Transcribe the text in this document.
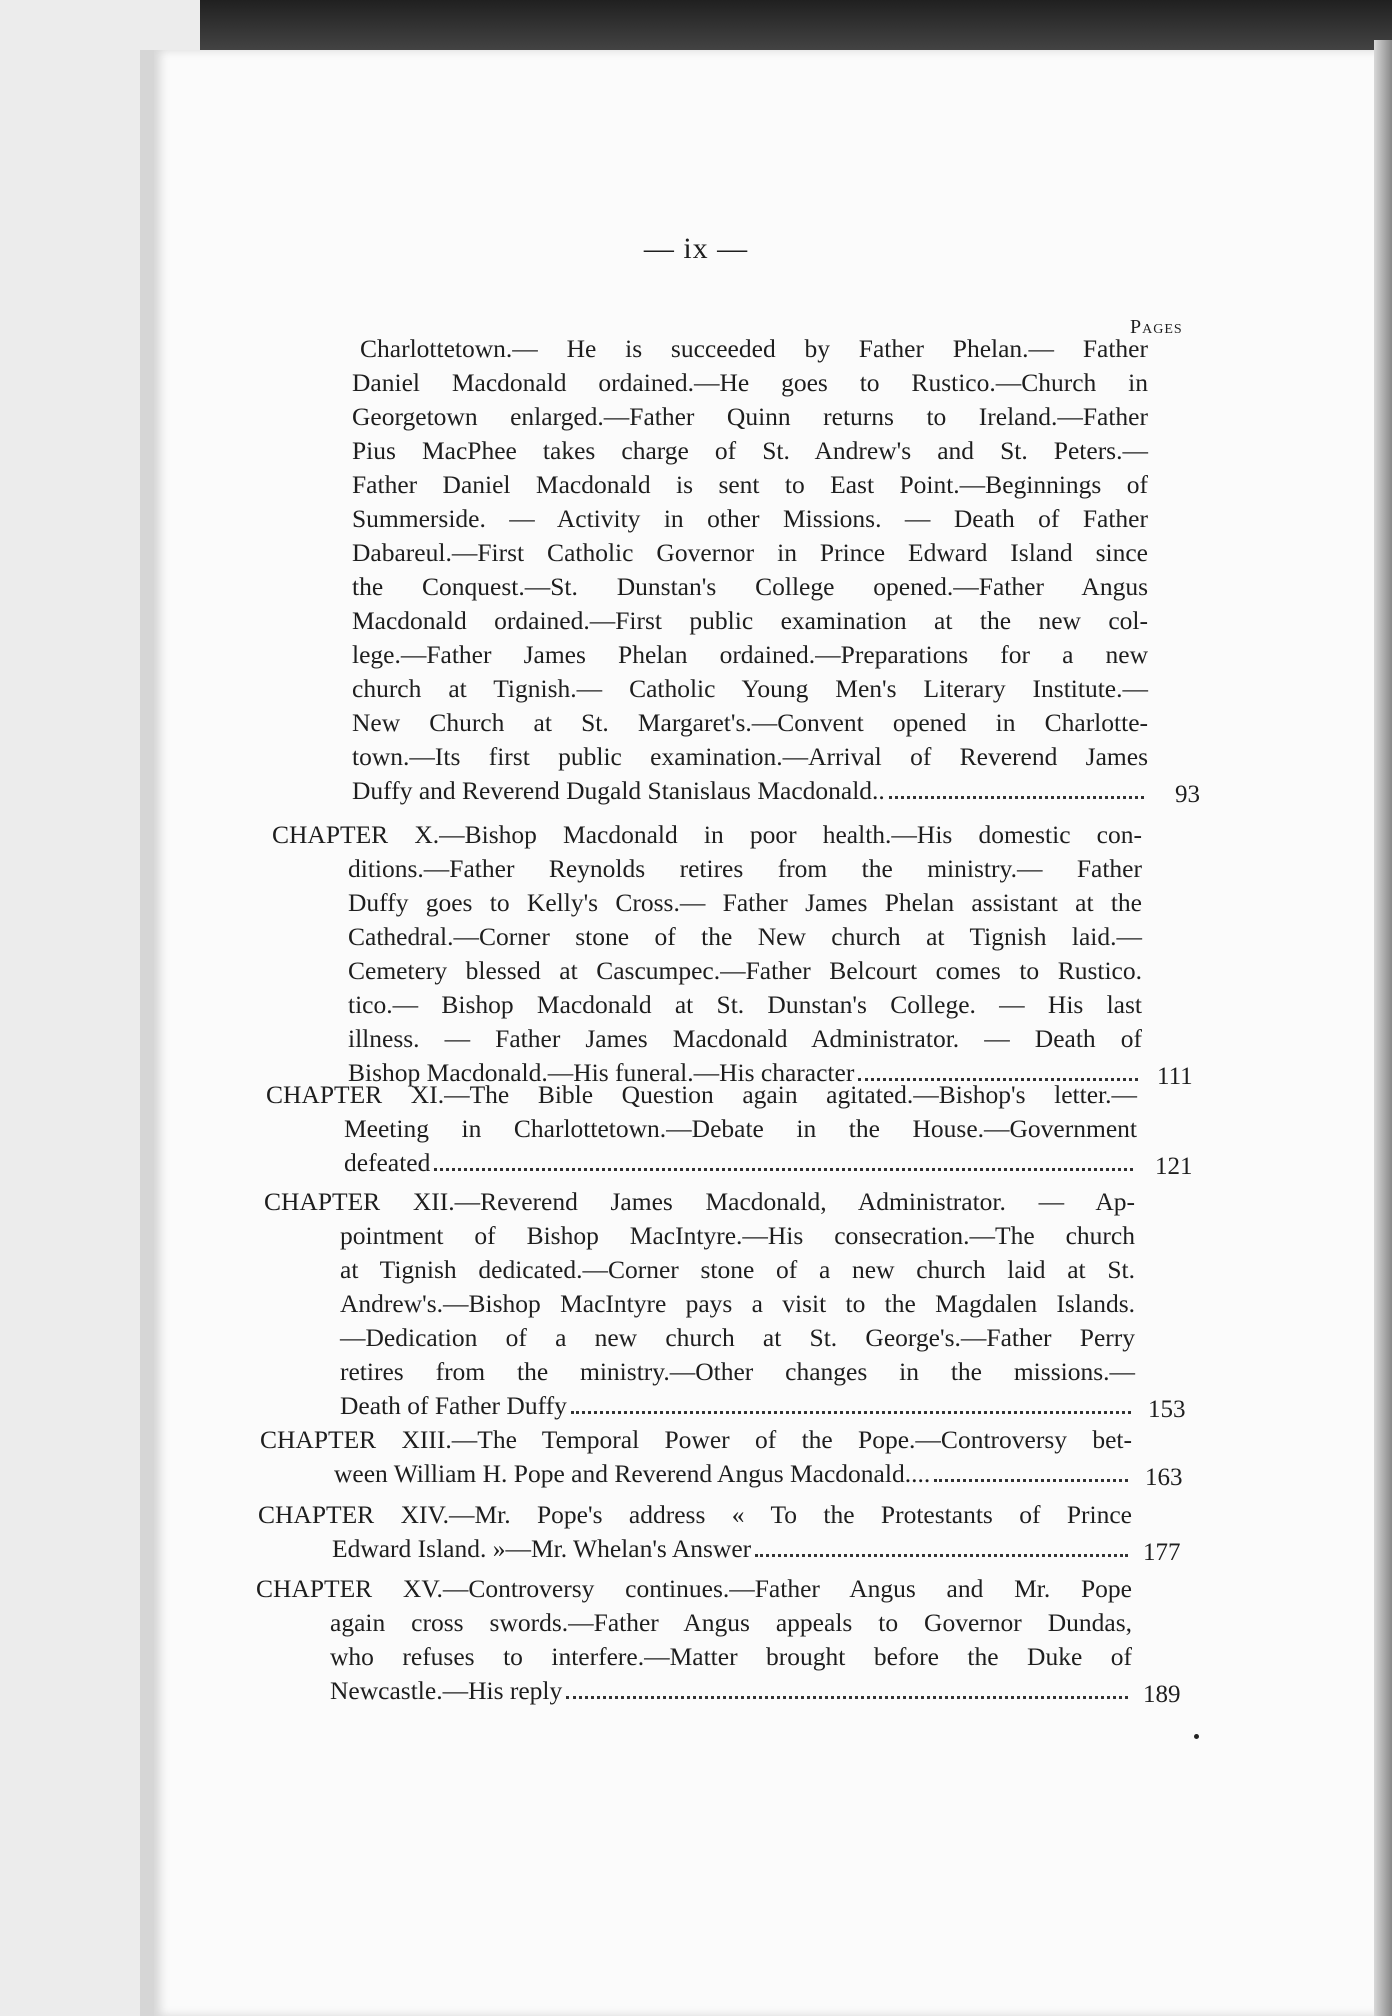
— ix —
Pages
Charlottetown.— He is succeeded by Father Phelan.— Father
Daniel Macdonald ordained.—He goes to Rustico.—Church in
Georgetown enlarged.—Father Quinn returns to Ireland.—Father
Pius MacPhee takes charge of St. Andrew's and St. Peters.—
Father Daniel Macdonald is sent to East Point.—Beginnings of
Summerside. — Activity in other Missions. — Death of Father
Dabareul.—First Catholic Governor in Prince Edward Island since
the Conquest.—St. Dunstan's College opened.—Father Angus
Macdonald ordained.—First public examination at the new col-
lege.—Father James Phelan ordained.—Preparations for a new
church at Tignish.— Catholic Young Men's Literary Institute.—
New Church at St. Margaret's.—Convent opened in Charlotte-
town.—Its first public examination.—Arrival of Reverend James
Duffy and Reverend Dugald Stanislaus Macdonald..	93
CHAPTER X.—Bishop Macdonald in poor health.—His domestic con-
ditions.—Father Reynolds retires from the ministry.— Father
Duffy goes to Kelly's Cross.— Father James Phelan assistant at the
Cathedral.—Corner stone of the New church at Tignish laid.—
Cemetery blessed at Cascumpec.—Father Belcourt comes to Rustico.
tico.— Bishop Macdonald at St. Dunstan's College. — His last
illness. — Father James Macdonald Administrator. — Death of
Bishop Macdonald.—His funeral.—His character	111
CHAPTER XI.—The Bible Question again agitated.—Bishop's letter.—
Meeting in Charlottetown.—Debate in the House.—Government
defeated	121
CHAPTER XII.—Reverend James Macdonald, Administrator. — Ap-
pointment of Bishop MacIntyre.—His consecration.—The church
at Tignish dedicated.—Corner stone of a new church laid at St.
Andrew's.—Bishop MacIntyre pays a visit to the Magdalen Islands.
—Dedication of a new church at St. George's.—Father Perry
retires from the ministry.—Other changes in the missions.—
Death of Father Duffy	153
CHAPTER XIII.—The Temporal Power of the Pope.—Controversy bet-
ween William H. Pope and Reverend Angus Macdonald....	163
CHAPTER XIV.—Mr. Pope's address « To the Protestants of Prince
Edward Island. »—Mr. Whelan's Answer	177
CHAPTER XV.—Controversy continues.—Father Angus and Mr. Pope
again cross swords.—Father Angus appeals to Governor Dundas,
who refuses to interfere.—Matter brought before the Duke of
Newcastle.—His reply	189
